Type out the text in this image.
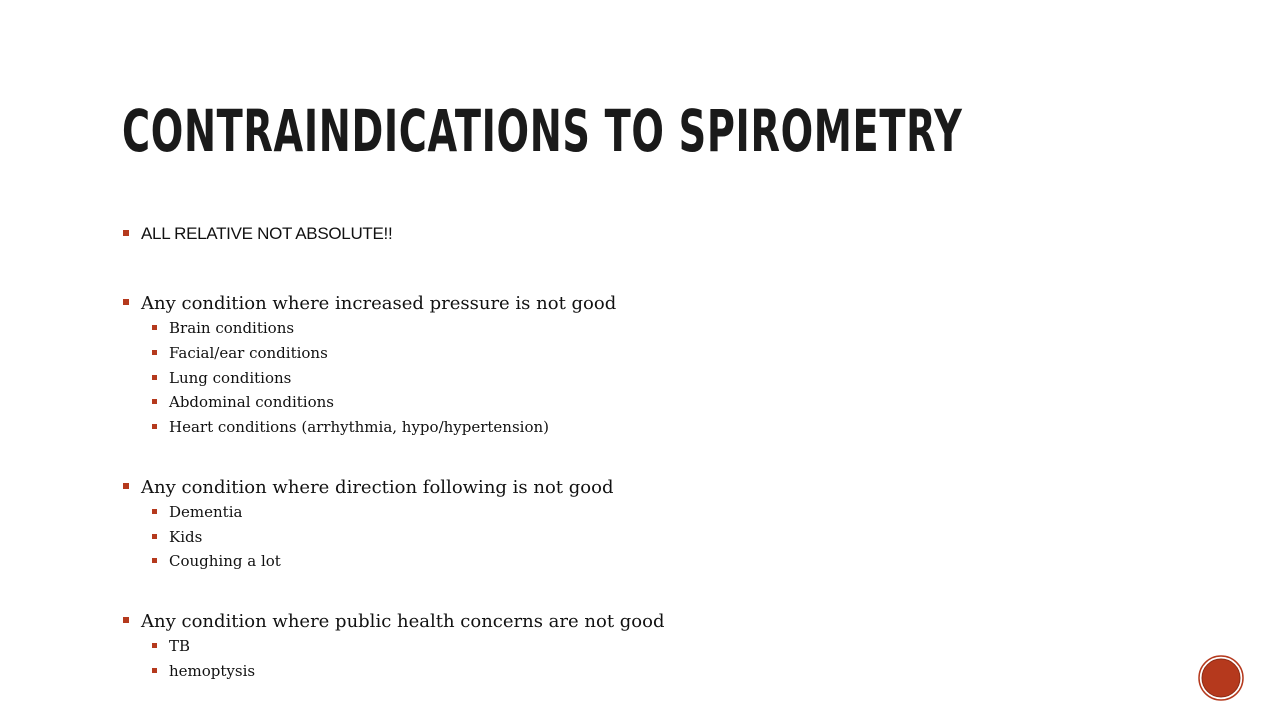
CONTRAINDICATIONS TO SPIROMETRY
ALL RELATIVE NOT ABSOLUTE!!
Any condition where increased pressure is not good
Brain conditions
Facial/ear conditions
Lung conditions
Abdominal conditions
Heart conditions (arrhythmia, hypo/hypertension)
Any condition where direction following is not good
Dementia
Kids
Coughing a lot
Any condition where public health concerns are not good
TB
hemoptysis
